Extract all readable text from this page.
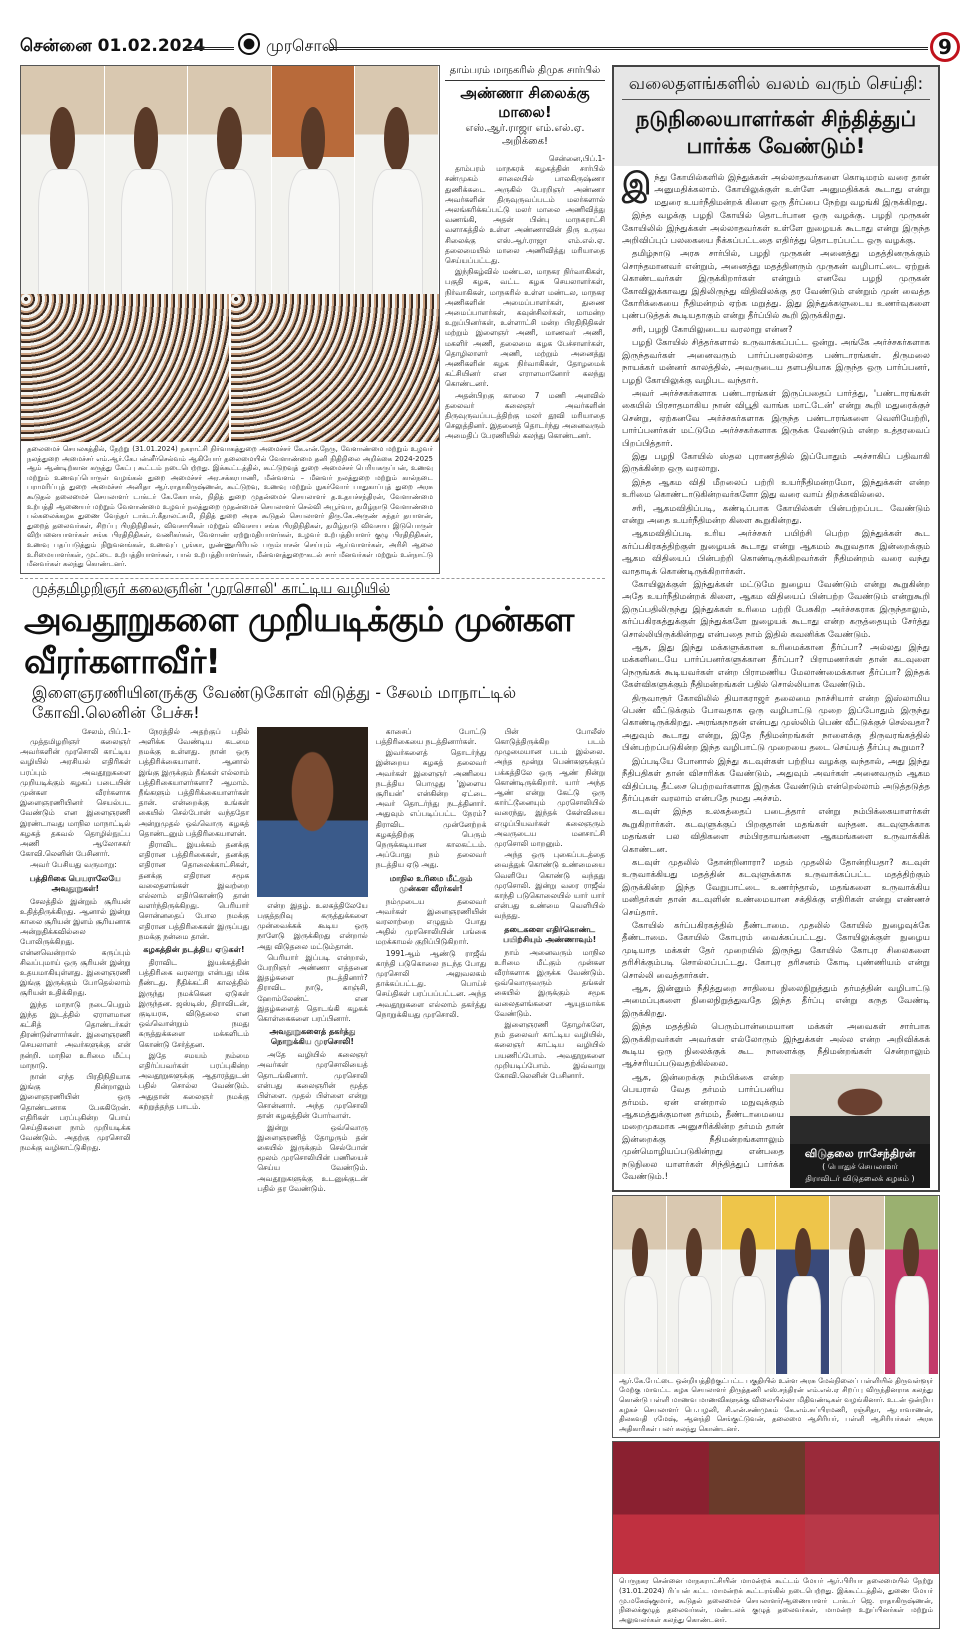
சென்னை 01.02.2024	முரசொலி	9
தலைமைச் செயலகத்தில், நேற்று (31.01.2024) நகராட்சி நிர்வாகத்துறை அமைச்சர் கே.என்.நேரு, வேளாண்மை மற்றும் உழவர் நலத்துறை அமைச்சர் எம்.ஆர்.கே.பன்னீர்செல்வம் ஆகியோர் தலைமையில் வேளாண்மை தனி நிதிநிலை அறிக்கை 2024-2025 ஆம் ஆண்டிற்கான கருத்து கேட்பு கூட்டம் நடைபெற்றது. இக்கூட்டத்தில், கூட்டுறவுத் துறை அமைச்சர் பெரியகருப்பன், உணவு மற்றும் உணவுப்பொருள் வழங்கல் துறை அமைச்சர் அர.சக்கரபாணி, மீன்வளம் – மீனவர் நலத்துறை மற்றும் கால்நடை பராமரிப்புத் துறை அமைச்சர் அனிதா ஆர்.ராதாகிருஷ்ணன், கூட்டுறவு, உணவு மற்றும் நுகர்வோர் பாதுகாப்புத் துறை அரசு கூடுதல் தலைமைச் செயலாளர் டாக்டர் கே.கோபால், நிதித் துறை முதன்மைச் செயலாளர் த.உதயச்சந்திரன், வேளாண்மை உற்பத்தி ஆணையர் மற்றும் வேளாண்மை உழவர் நலத்துறை முதன்மைச் செயலாளர் செல்வி அபூர்வா, தமிழ்நாடு வேளாண்மை பல்கலைக்கழக துணை வேந்தர் டாக்டர்.கீதாலட்சுமி, நிதித் துறை அரசு கூடுதல் செயலாளர் திரு.கே.அருண் சுந்தர் தயாளன், துறைத் தலைவர்கள், சிறப்பு பிரதிநிதிகள், விவசாயிகள் மற்றும் விவசாய சங்க பிரதிநிதிகள், தமிழ்நாடு விவசாய இடுபொருள் விற்பனையாளர்கள் சங்க பிரதிநிதிகள், வணிகர்கள், வேளாண் ஏற்றுமதியாளர்கள், உழவர் உற்பத்தியாளர் குழு பிரதிநிதிகள், உணவு பதப்படுத்தும் நிறுவனங்கள், உணவுப் பூங்கா, நுண்ணுயிரியல் பரும்பாசன் செய்யும் ஆய்வாளர்கள், அரிசி ஆலை உரிமையாளர்கள், முட்டை உற்பத்தியாளர்கள், பால் உற்பத்தியாளர்கள், மீன்வளத்துறை-கடல் சார் மீனவர்கள் மற்றும் உள்நாட்டு மீனவர்கள் கலந்து கொண்டனர்.
தாம்பரம் மாநகரில் திமுக சார்பில்
அண்ணா சிலைக்கு மாலை!
எஸ்.ஆர்.ராஜா எம்.எல்.ஏ. அறிக்கை!
சென்னை,பிப்.1-

தாம்பரம் மாநகரக் கழகத்தின் சார்பில் சண்முகம் சாலையில் பாலகிருஷ்ணா துணிக்கடை அருகில் பேரறிஞர் அண்ணா அவர்களின் திருவுருவப்படம் மலர்களால் அலங்கரிக்கப்பட்டு மலர் மாலை அணிவித்து வணங்கி, அதன் பின்பு மாநகராட்சி வளாகத்தில் உள்ள அண்ணாவின் திரு உருவ சிலைக்கு எஸ்.ஆர்.ராஜா எம்.எல்.ஏ. தலைமையில் மாலை அணிவித்து மரியாதை செய்யப்பட்டது.

இந்நிகழ்வில் மண்டல, மாநகர நிர்வாகிகள், பகுதி கழக, வட்ட கழக செயலாளர்கள், நிர்வாகிகள், மாநகரில் உள்ள மண்டல, மாநகர அணிகளின் அமைப்பாளர்கள், துணை அமைப்பாளர்கள், கவுன்சிலர்கள், மாமன்ற உறுப்பினர்கள், உள்ளாட்சி மன்ற பிரதிநிதிகள் மற்றும் இளைஞர் அணி, மாணவர் அணி, மகளிர் அணி, தலைமை கழக பேச்சாளர்கள், தொழிலாளர் அணி, மற்றும் அனைத்து அணிகளின் கழக நிர்வாகிகள், தோழமைக் கட்சியினர் என எராளமானோர் கலந்து கொண்டனர்.

அதன்பிறகு காலை 7 மணி அளவில் தலைவர் கலைஞர் அவர்களின் திருவுருவப்படத்திற்கு மலர் தூவி மரியாதை செலுத்தினர். இதனைத் தொடர்ந்து அனைவரும் அமைதிப் பேரணியில் கலந்து கொண்டனர்.

முத்தமிழறிஞர் கலைஞரின் 'முரசொலி' காட்டிய வழியில்
அவதூறுகளை முறியடிக்கும் முன்கள வீரர்களாவீர்!
இளைஞரணியினருக்கு வேண்டுகோள் விடுத்து - சேலம் மாநாட்டில் கோவி.லெனின் பேச்சு!
சேலம், பிப்.1-

முத்தமிழறிஞர் கலைஞர் அவர்களின் முரசொலி காட்டிய வழியில் அரசியல் எதிரிகள் பரப்பும் அவதூறுகளை முறியடிக்கும் கழகப் படையின் முன்கள வீரர்களாக இளைஞரணியினர் செயல்பட வேண்டும் என இளைஞரணி இரண்டாவது மாநில மாநாட்டில் கழகத் தகவல் தொழில்நுட்ப அணி ஆலோசகர் கோவி.லெனின் பேசினார்.

அவர் பேசியது வருமாறு:

பத்திரிகை பெயராலேயே அவதூறுகள்!

சேலத்தில் இன்றும் சூரியன் உதித்திருக்கிறது. ஆனால் இன்று காலை சூரியன் இளம் சூரியனாக அன்றுதிக்கவில்லை போலிருக்கிறது. என்னவென்றால் கருப்பும் சிவப்புமாய் ஒரு சூரியன் இன்று உதயமாகியுள்ளது. இளைஞரணி இங்கு இருக்கும் போதெல்லாம் சூரியன் உதிக்கிறது.

இந்த மாநாடு நடைபெறும் இந்த இடத்தில் ஏராளமான கட்சித் தொண்டர்கள் திரண்டுள்ளார்கள். இளைஞரணி செயலாளர் அவர்களுக்கு என் நன்றி. மாநில உரிமை மீட்பு மாநாடு.

நான் எந்த பிரதிநிதியாக இங்கு நின்றாலும் இளைஞரணியின் ஒரு தொண்டனாக பேசுகிறேன். எதிரிகள் பரப்புகின்ற பொய் செய்திகளை நாம் முறியடிக்க வேண்டும். அதற்கு முரசொலி நமக்கு வழிகாட்டுகிறது.

நேரத்தில் அதற்குப் பதில் அளிக்க வேண்டிய கடமை நமக்கு உள்ளது. நான் ஒரு பத்திரிக்கையாளர். ஆனால் இங்கு இருக்கும் நீங்கள் எல்லாம் பத்திரிகையாளர்களா? ஆமாம். நீங்களும் பத்திரிக்கையாளர்கள் தான். என்றைக்கு உங்கள் கையில் செல்போன் வந்ததோ அன்றுமுதல் ஒவ்வொரு கழகத் தொண்டனும் பத்திரிகையாளன்.

திராவிட இயக்கம் தனக்கு எதிரான பத்திரிகைகள், தனக்கு எதிரான தொலைக்காட்சிகள், தனக்கு எதிரான சமூக வலைதளங்கள் இவற்றை எல்லாம் எதிர்கொண்டு தான் வளர்ந்திருக்கிறது. பெரியார் சொன்னதைப் போல நமக்கு எதிரான பத்திரிகைகள் இருப்பது நமக்கு நன்மை தான்.

கழகத்தின் நடத்திய ஏடுகள்!

திராவிட இயக்கத்தின் பத்திரிகை வரலாறு என்பது மிக நீண்டது. நீதிக்கட்சி காலத்தில் இருந்து நமக்கென ஏடுகள் இருந்தன. ஜஸ்டிஸ், திராவிடன், குடியரசு, விடுதலை என ஒவ்வொன்றும் நமது கருத்துக்களை மக்களிடம் கொண்டு சேர்த்தன.

இதே சமயம் நம்மை எதிர்ப்பவர்கள் பரப்புகின்ற அவதூறுகளுக்கு ஆதாரத்துடன் பதில் சொல்ல வேண்டும். அதுதான் கலைஞர் நமக்கு கற்றுத்தந்த பாடம்.

என்ற இதழ். உலகத்திலேயே பகுத்தறிவு கருத்துக்களை முன்வைக்கக் கூடிய ஒரு நாளேடு இருக்கிறது என்றால் அது விடுதலை மட்டும்தான்.

பெரியார் இப்படி என்றால், பேரறிஞர் அண்ணா எத்தனை இதழ்களை நடத்தினார்? திராவிட நாடு, காஞ்சி, ஹோம்லேண்ட் என இதழ்களைத் தொடங்கி கழகக் கொள்கைகளை பரப்பினார்.

அவதூறுகளைத் தகர்த்து நொறுக்கிய முரசொலி!

அதே வழியில் கலைஞர் அவர்கள் முரசொலியைத் தொடங்கினார். முரசொலி என்பது கலைஞரின் மூத்த பிள்ளை. முதல் பிள்ளை என்று சொன்னார். அந்த முரசொலி தான் கழகத்தின் போர்வாள்.

இன்று ஒவ்வொரு இளைஞரணித் தோழரும் தன் கையில் இருக்கும் செல்போன் மூலம் முரசொலியின் பணியைச் செய்ய வேண்டும். அவதூறுகளுக்கு உடனுக்குடன் பதில் தர வேண்டும்.

காசைப் போட்டு பத்திரிகையை நடத்தினார்கள்.

இவர்களைத் தொடர்ந்து இன்றைய கழகத் தலைவர் அவர்கள் இளைஞர் அணியை நடத்திய பொழுது 'இளைய சூரியன்' என்கின்ற ஏட்டை அவர் தொடர்ந்து நடத்தினார். அதுவும் எப்படிப்பட்ட நேரம்? திராவிட முன்னேற்றக் கழகத்திற்கு பெரும் நெருக்கடியான காலகட்டம். அப்போது நம் தலைவர் நடத்திய ஏடு அது.

மாநில உரிமை மீட்கும் முன்கள வீரர்கள்!

நம்முடைய தலைவர் அவர்கள் இளைஞரணியின் வரலாற்றை எழுதும் போது அதில் முரசொலியின் பங்கை மறக்காமல் குறிப்பிடுகிறார்.

1991ஆம் ஆண்டு ராஜீவ் காந்தி படுகொலை நடந்த போது முரசொலி அலுவலகம் தாக்கப்பட்டது. பொய்ச் செய்திகள் பரப்பப்பட்டன. அந்த அவதூறுகளை எல்லாம் தகர்த்து நொறுக்கியது முரசொலி.

பின் போலீஸ் கொடுத்திருக்கிற படம் முழுமையான படம் இல்லை. அந்த மூன்று பெண்களுக்குப் பக்கத்திலே ஒரு ஆண் நின்று கொண்டிருக்கிறார். யார் அந்த ஆண் என்று கேட்டு ஒரு கார்ட்டூனையும் முரசொலியில் வரைந்து, இந்தக் கேள்வியை எழுப்பியவர்கள் கலைஞரும் அவருடைய மனசாட்சி முரசொலி மாறனும்.

அந்த ஒரு புகைப்படத்தை வைத்துக் கொண்டு உண்மையை வெளியே கொண்டு வந்தது முரசொலி. இன்று வரை ராஜீவ் காந்தி படுகொலையில் யார் யார் என்பது உண்மை வெளியில் வந்தது.

தடைகளை எதிர்கொண்ட பயிற்சியும் அண்ணாவும்!

நாம் அனைவரும் மாநில உரிமை மீட்கும் முன்கள வீரர்களாக இருக்க வேண்டும். ஒவ்வொருவரும் தங்கள் கையில் இருக்கும் சமூக வலைதளங்களை ஆயுதமாக்க வேண்டும்.

இளைஞரணி தோழர்களே, நம் தலைவர் காட்டிய வழியில், கலைஞர் காட்டிய வழியில் பயணிப்போம். அவதூறுகளை முறியடிப்போம். இவ்வாறு கோவி.லெனின் பேசினார்.

வலைதளங்களில் வலம் வரும் செய்தி:
நடுநிலையாளர்கள் சிந்தித்துப் பார்க்க வேண்டும்!
இ ந்து கோயில்களில் இந்துக்கள் அல்லாதவர்களை கொடிமரம் வரை தான் அனுமதிக்கலாம். கோயிலுக்குள் உள்ளே அனுமதிக்கக் கூடாது என்று மதுரை உயர்நீதிமன்றக் கிளை ஒரு தீர்ப்பை நேற்று வழங்கி இருக்கிறது.

இந்த வழக்கு பழநி கோயில் தொடர்பான ஒரு வழக்கு. பழநி முருகன் கோயிலில் இந்துக்கள் அல்லாதவர்கள் உள்ளே நுழையக் கூடாது என்று இருந்த அறிவிப்புப் பலகையை நீக்கப்பட்டதை எதிர்த்து தொடரப்பட்ட ஒரு வழக்கு.

தமிழ்நாடு அரசு சார்பில், பழநி முருகன் அனைத்து மதத்தினருக்கும் சொந்தமானவர் என்றும், அனைத்து மதத்தினரும் முருகன் வழிபாட்டை ஏற்றுக் கொண்டவர்கள் இருக்கிறார்கள் என்றும் எனவே பழநி முருகன் கோவிலுக்காவது இதிலிருந்து விதிவிலக்கு தர வேண்டும் என்றும் முன் வைத்த கோரிக்கையை நீதிமன்றம் ஏற்க மறுத்து. இது இந்துக்களுடைய உணர்வுகளை புண்படுத்தக் கூடியதாகும் என்று தீர்ப்பில் கூறி இருக்கிறது.

சரி, பழநி கோயிலுடைய வரலாறு என்ன?

பழநி கோயில் சித்தர்களால் உருவாக்கப்பட்ட ஒன்று. அங்கே அர்ச்சகர்களாக இருந்தவர்கள் அனைவரும் பார்ப்பனரல்லாத பண்டாரங்கள். திருமலை நாயக்கர் மன்னர் காலத்தில், அவருடைய தளபதியாக இருந்த ஒரு பார்ப்பனர், பழநி கோயிலுக்கு வழிபட வந்தார்.

அவர் அர்ச்சகர்களாக பண்டாரங்கள் இருப்பதைப் பார்த்து, 'பண்டாரங்கள் கையில் பிரசாதமாகிய நான் விபூதி வாங்க மாட்டேன்' என்று கூறி மதுரைக்குச் சென்று, ஏற்கனவே அர்ச்சகர்களாக இருந்த பண்டாரங்களை வெளியேற்றி, பார்ப்பனர்கள் மட்டுமே அர்ச்சகர்களாக இருக்க வேண்டும் என்ற உத்தரவைப் பிறப்பித்தார்.

இது பழநி கோயில் ஸ்தல புராணத்தில் இப்போதும் அச்சாகிப் பதிவாகி இருக்கின்ற ஒரு வரலாறு.

இந்த ஆகம விதி மீறலைப் பற்றி உயர்நீதிமன்றமோ, இந்துக்கள் என்ற உரிமை கொண்டாடுகின்றவர்களோ இது வரை வாய் திறக்கவில்லை.

சரி, ஆகமவிதிப்படி, கண்டிப்பாக கோயில்கள் பின்பற்றப்பட வேண்டும் என்று அதை உயர்நீதிமன்ற கிளை கூறுகின்றது.

ஆகமவிதிப்படி உரிய அர்ச்சகர் பயிற்சி பெற்ற இந்துக்கள் கூட கர்ப்பகிரகத்திற்குள் நுழையக் கூடாது என்று ஆகமம் கூறுவதாக இன்றைக்கும் ஆகம விதியைப் பின்பற்றி கொண்டிருக்கிறவர்கள் நீதிமன்றம் வரை வந்து வாதாடிக் கொண்டிருக்கிறார்கள்.

கோயிலுக்குள் இந்துக்கள் மட்டுமே நுழைய வேண்டும் என்று கூறுகின்ற அதே உயர்நீதிமன்றக் கிளை, ஆகம விதியைப் பின்பற்ற வேண்டும் என்றுகூறி இருப்பதிலிருந்து இந்துக்கள் உரிமை பற்றி பேசுகிற அர்ச்சகராக இருந்தாலும், கர்ப்பகிரகத்துக்குள் இந்துக்களே நுழையக் கூடாது என்ற கருத்தையும் சேர்த்து சொல்லியிருக்கின்றது என்பதை நாம் இதில் கவனிக்க வேண்டும்.

ஆக, இது இந்து மக்களுக்கான உரிமைக்கான தீர்ப்பா? அல்லது இந்து மக்களிடையே பார்ப்பனர்களுக்கான தீர்ப்பா? பிராமணர்கள் தான் கடவுளை நெருங்கக் கூடியவர்கள் என்ற பிராமணிய மேலாண்மைக்கான தீர்ப்பா? இந்தக் கேள்விகளுக்கும் நீதிமன்றங்கள் பதில் சொல்லியாக வேண்டும்.

திருவாரூர் கோவிலில் தியாகராஜர் தலைமை நாச்சியார் என்ற இஸ்லாமிய பெண் வீட்டுக்கும் போவதாக ஒரு வழிபாட்டு முறை இப்போதும் இருந்து கொண்டிருக்கிறது. அரங்கநாதன் என்பது முஸ்லிம் பெண் வீட்டுக்குச் செல்வதா? அதுவும் கூடாது என்று, இதே நீதிமன்றங்கள் நாளைக்கு திருவரங்கத்தில் பின்பற்றப்படுகின்ற இந்த வழிபாட்டு முறையை தடை செய்யத் தீர்ப்பு கூறுமா?

இப்படியே போனால் இந்து கடவுள்கள் பற்றிய வழக்கு வந்தால், அது இந்து நீதிபதிகள் தான் விசாரிக்க வேண்டும், அதுவும் அவர்கள் அனைவரும் ஆகம விதிப்படி தீட்சை பெற்றவர்களாக இருக்க வேண்டும் என்றெல்லாம் அடுத்தடுத்த தீர்ப்புகள் வரலாம் என்பதே நமது அச்சம்.

கடவுள் இந்த உலகத்தைப் படைத்தார் என்று நம்பிக்கையாளர்கள் கூறுகிறார்கள். கடவுளுக்குப் பிறகுதான் மதங்கள் வந்தன. கடவுளுக்காக மதங்கள் பல விதிகளை சம்பிரதாயங்களை ஆகமங்களை உருவாக்கிக் கொண்டன.

கடவுள் முதலில் தோன்றினாரா? மதம் முதலில் தோன்றியதா? கடவுள் உருவாக்கியது மதத்தின் கடவுளுக்காக உருவாக்கப்பட்ட மதத்திற்கும் இருக்கின்ற இந்த வேறுபாட்டை உணர்ந்தால், மதங்களை உருவாக்கிய மனிதர்கள் தான் கடவுளின் உண்மையான சக்திக்கு எதிரிகள் என்று எண்ணச் செய்தார்.

கோயில் கர்ப்பகிரகத்தில் தீண்டாமை. முதலில் கோயில் நுழைவுக்கே தீண்டாமை. கோயில் கோபுரம் வைக்கப்பட்டது. கோயிலுக்குள் நுழைய முடியாத மக்கள் தேர் முறையில் இருந்து கோயில் கோபுர சிலைகளை தரிசிக்கும்படி சொல்லப்பட்டது. கோபுர தரிசனம் கோடி புண்ணியம் என்று சொல்லி வைத்தார்கள்.

ஆக, இன்னும் நீதித்துறை சாதியை நிலைநிறுத்தும் தர்மத்தின் வழிபாட்டு அமைப்புகளை நிலைநிறுத்துவதே இந்த தீர்ப்பு என்று கருத வேண்டி இருக்கிறது.

இந்த மதத்தில் பெரும்பான்மையான மக்கள் அவைகள் சார்பாக இருக்கிறவர்கள் அவர்கள் எல்லோரும் இந்துக்கள் அல்ல என்ற அறிவிக்கக் கூடிய ஒரு நிலைக்குக் கூட நாளைக்கு நீதிமன்றங்கள் சென்றாலும் ஆச்சரியப்படுவதற்கில்லை.

விடுதலை ராசேந்திரன்
( பொதுச் செயலாளர்
திராவிடர் விடுதலைக் கழகம் )

ஆக, இன்றைக்கு நம்பிக்கை என்ற பெயரால் வேத தர்மம் பார்ப்பனிய தர்மம். ஏன் என்றால் மநுவுக்கும் ஆகமத்துக்குமான தர்மம், தீண்டாமையை மறைமுகமாக அனுசரிக்கின்ற தர்மம் தான் இன்றைக்கு நீதிமன்றங்களாலும் முன்மொழியப்படுகின்றது என்பதை நடுநிலை யாளர்கள் சிந்தித்துப் பார்க்க வேண்டும்.!

ஆர்.கே.பேட்டை ஒன்றியத்திற்குட்பட்ட பகுதியில் உள்ள அரசு மேல்நிலைப் பள்ளியில் திருவள்ளூர் மேற்கு மாவட்ட கழக செயலாளர் திருத்தணி எஸ்.சந்திரன் எம்.எல்.ஏ சிறப்பு விருந்தினராக கலந்து கொண்டு பள்ளி மாணவ மாணவிகளுக்கு விலையில்லா மிதிவண்டிகள் வழங்கினார். உடன் ஒன்றிய கழகச் செயலாளர் பெ.பழனி, சி.என்.சண்முகம் கே.எம்.சுப்பிரமணி, ரஞ்சிதா, ஆபாவாணன், திலகவதி ரமேஷ், ஆனந்தி செங்குட்டுவன், தலைமை ஆசிரியர், பள்ளி ஆசிரியர்கள் அரசு அதிகாரிகள் பலர் கலந்து கொண்டனர்.
பெருநகர சென்னை மாநகராட்சியின் மாமன்றக் கூட்டம் மேயர் ஆர்.பிரியா தலைமையில் நேற்று (31.01.2024) ரிப்பன் கட்ட மாமன்றக் கூட்டரங்கில் நடைபெற்றது. இக்கூட்டத்தில், துணை மேயர் மு.மகேஷ்குமார், கூடுதல் தலைமைச் செயலாளர்/ஆணையாளர் டாக்டர் ஜெ. ராதாகிருஷ்ணன், நிலைக்குழுத் தலைவர்கள், மண்டலக் குழுத் தலைவர்கள், மாமன்ற உறுப்பினர்கள் மற்றும் அலுவலர்கள் கலந்து கொண்டனர்.
